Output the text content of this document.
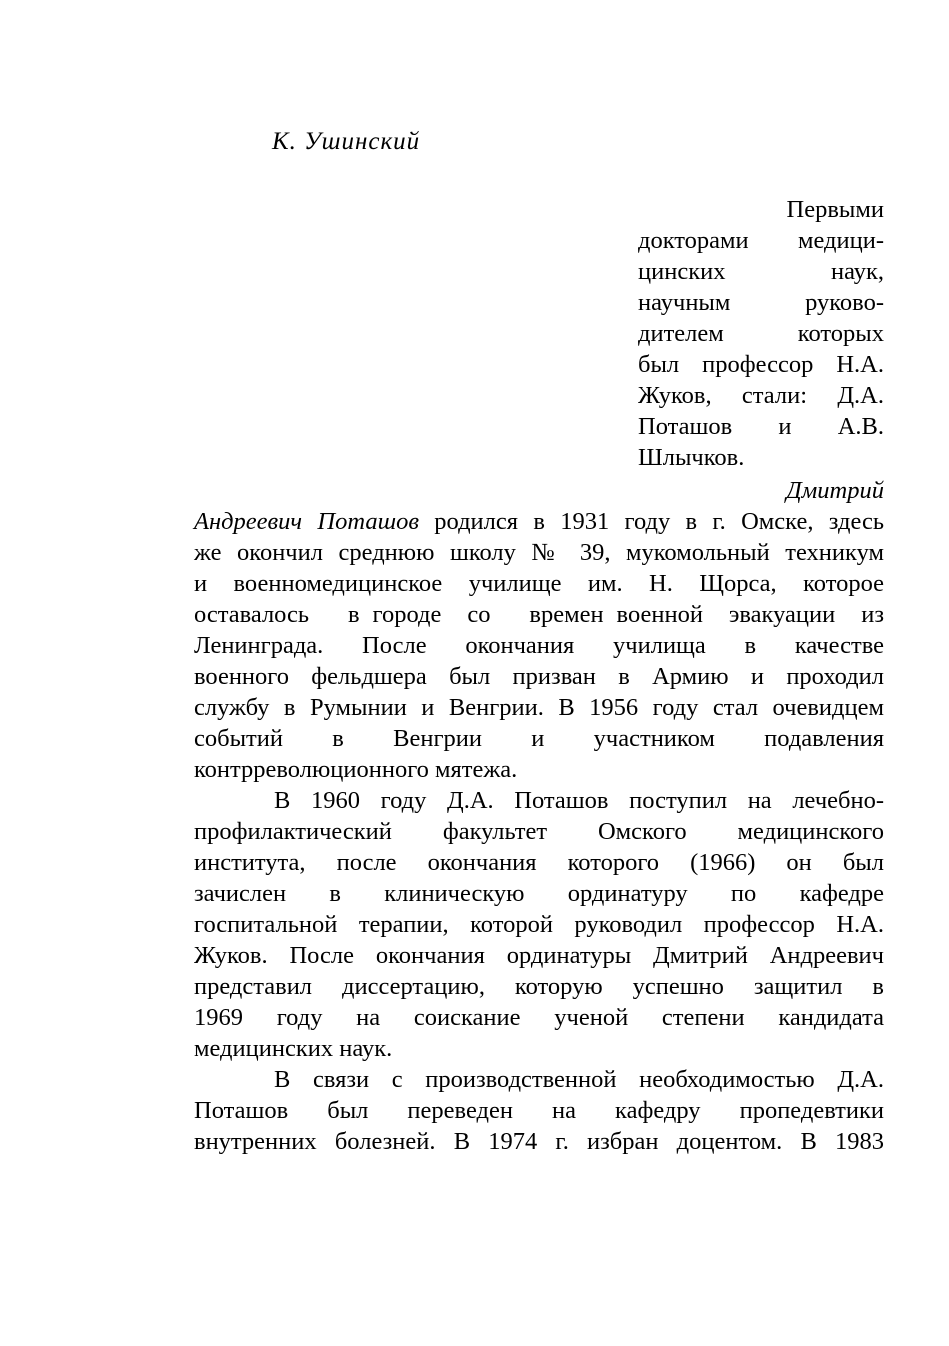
К. Ушинский

Первыми
докторами медици-
цинских наук,
научным руково-
дителем которых
был профессор Н.А.
Жуков, стали: Д.А.
Поташов и А.В.
Шлычков.
Дмитрий
Андреевич Поташов родился в 1931 году в г. Омске, здесь
же окончил среднюю школу № 39, мукомольный техникум
и военномедицинское училище им. Н. Щорса, которое
оставалось   в городе  со   времен военной  эвакуации  из
Ленинграда. После окончания училища в качестве
военного фельдшера был призван в Армию и проходил
службу в Румынии и Венгрии. В 1956 году стал очевидцем
событий в Венгрии и участником подавления
контрреволюционного мятежа.
В 1960 году Д.А. Поташов поступил на лечебно-
профилактический факультет Омского медицинского
института, после окончания которого (1966) он был
зачислен в клиническую ординатуру по кафедре
госпитальной терапии, которой руководил профессор Н.А.
Жуков. После окончания ординатуры Дмитрий Андреевич
представил диссертацию, которую успешно защитил в
1969 году на соискание ученой степени кандидата
медицинских наук.
В связи с производственной необходимостью Д.А.
Поташов был переведен на кафедру пропедевтики
внутренних болезней. В 1974 г. избран доцентом. В 1983
